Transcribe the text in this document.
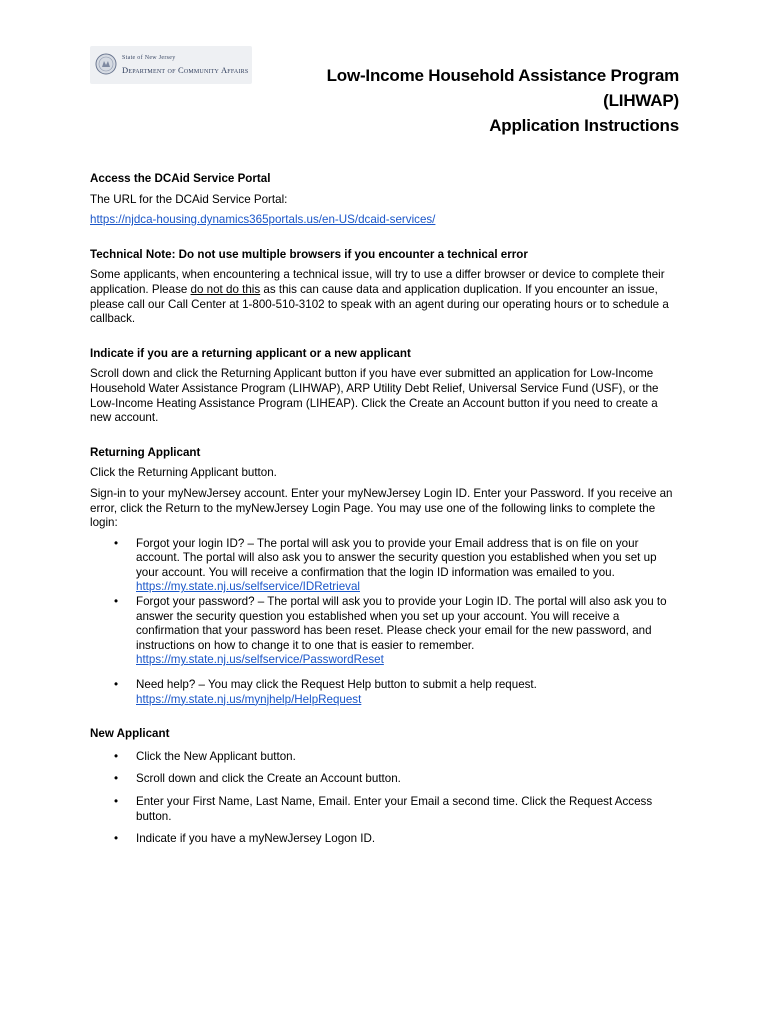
State of New Jersey
Department of Community Affairs	Low-Income Household Assistance Program
(LIHWAP)
Application Instructions
Access the DCAid Service Portal

The URL for the DCAid Service Portal:

https://njdca-housing.dynamics365portals.us/en-US/dcaid-services/

Technical Note: Do not use multiple browsers if you encounter a technical error

Some applicants, when encountering a technical issue, will try to use a differ browser or device to complete their application. Please do not do this as this can cause data and application duplication. If you encounter an issue, please call our Call Center at 1-800-510-3102 to speak with an agent during our operating hours or to schedule a callback.

Indicate if you are a returning applicant or a new applicant

Scroll down and click the Returning Applicant button if you have ever submitted an application for Low-Income Household Water Assistance Program (LIHWAP), ARP Utility Debt Relief, Universal Service Fund (USF), or the Low-Income Heating Assistance Program (LIHEAP). Click the Create an Account button if you need to create a new account.

Returning Applicant

Click the Returning Applicant button.

Sign-in to your myNewJersey account. Enter your myNewJersey Login ID. Enter your Password. If you receive an error, click the Return to the myNewJersey Login Page. You may use one of the following links to complete the login:

• Forgot your login ID? – The portal will ask you to provide your Email address that is on file on your account. The portal will also ask you to answer the security question you established when you set up your account. You will receive a confirmation that the login ID information was emailed to you. https://my.state.nj.us/selfservice/IDRetrieval
• Forgot your password? – The portal will ask you to provide your Login ID. The portal will also ask you to answer the security question you established when you set up your account. You will receive a confirmation that your password has been reset. Please check your email for the new password, and instructions on how to change it to one that is easier to remember.
https://my.state.nj.us/selfservice/PasswordReset
• Need help? – You may click the Request Help button to submit a help request.
https://my.state.nj.us/mynjhelp/HelpRequest
New Applicant
• Click the New Applicant button.
• Scroll down and click the Create an Account button.
• Enter your First Name, Last Name, Email. Enter your Email a second time. Click the Request Access button.
• Indicate if you have a myNewJersey Logon ID.
